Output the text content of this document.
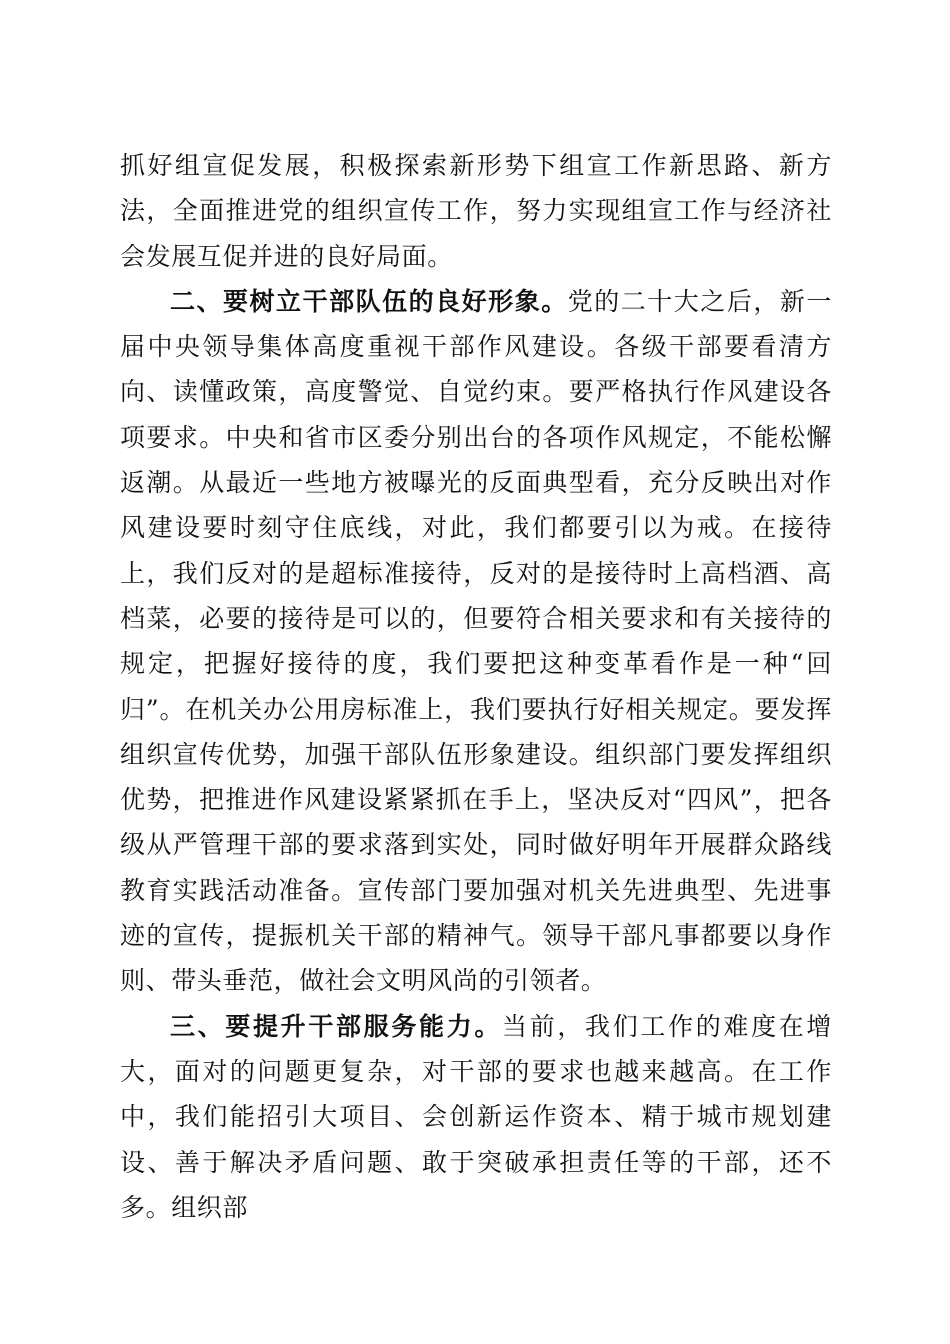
抓好组宣促发展，积极探索新形势下组宣工作新思路、新方法，全面推进党的组织宣传工作，努力实现组宣工作与经济社会发展互促并进的良好局面。

二、要树立干部队伍的良好形象。党的二十大之后，新一届中央领导集体高度重视干部作风建设。各级干部要看清方向、读懂政策，高度警觉、自觉约束。要严格执行作风建设各项要求。中央和省市区委分别出台的各项作风规定，不能松懈返潮。从最近一些地方被曝光的反面典型看，充分反映出对作风建设要时刻守住底线，对此，我们都要引以为戒。在接待上，我们反对的是超标准接待，反对的是接待时上高档酒、高档菜，必要的接待是可以的，但要符合相关要求和有关接待的规定，把握好接待的度，我们要把这种变革看作是一种“回归”。在机关办公用房标准上，我们要执行好相关规定。要发挥组织宣传优势，加强干部队伍形象建设。组织部门要发挥组织优势，把推进作风建设紧紧抓在手上，坚决反对“四风”，把各级从严管理干部的要求落到实处，同时做好明年开展群众路线教育实践活动准备。宣传部门要加强对机关先进典型、先进事迹的宣传，提振机关干部的精神气。领导干部凡事都要以身作则、带头垂范，做社会文明风尚的引领者。

三、要提升干部服务能力。当前，我们工作的难度在增大，面对的问题更复杂，对干部的要求也越来越高。在工作中，我们能招引大项目、会创新运作资本、精于城市规划建设、善于解决矛盾问题、敢于突破承担责任等的干部，还不多。组织部
